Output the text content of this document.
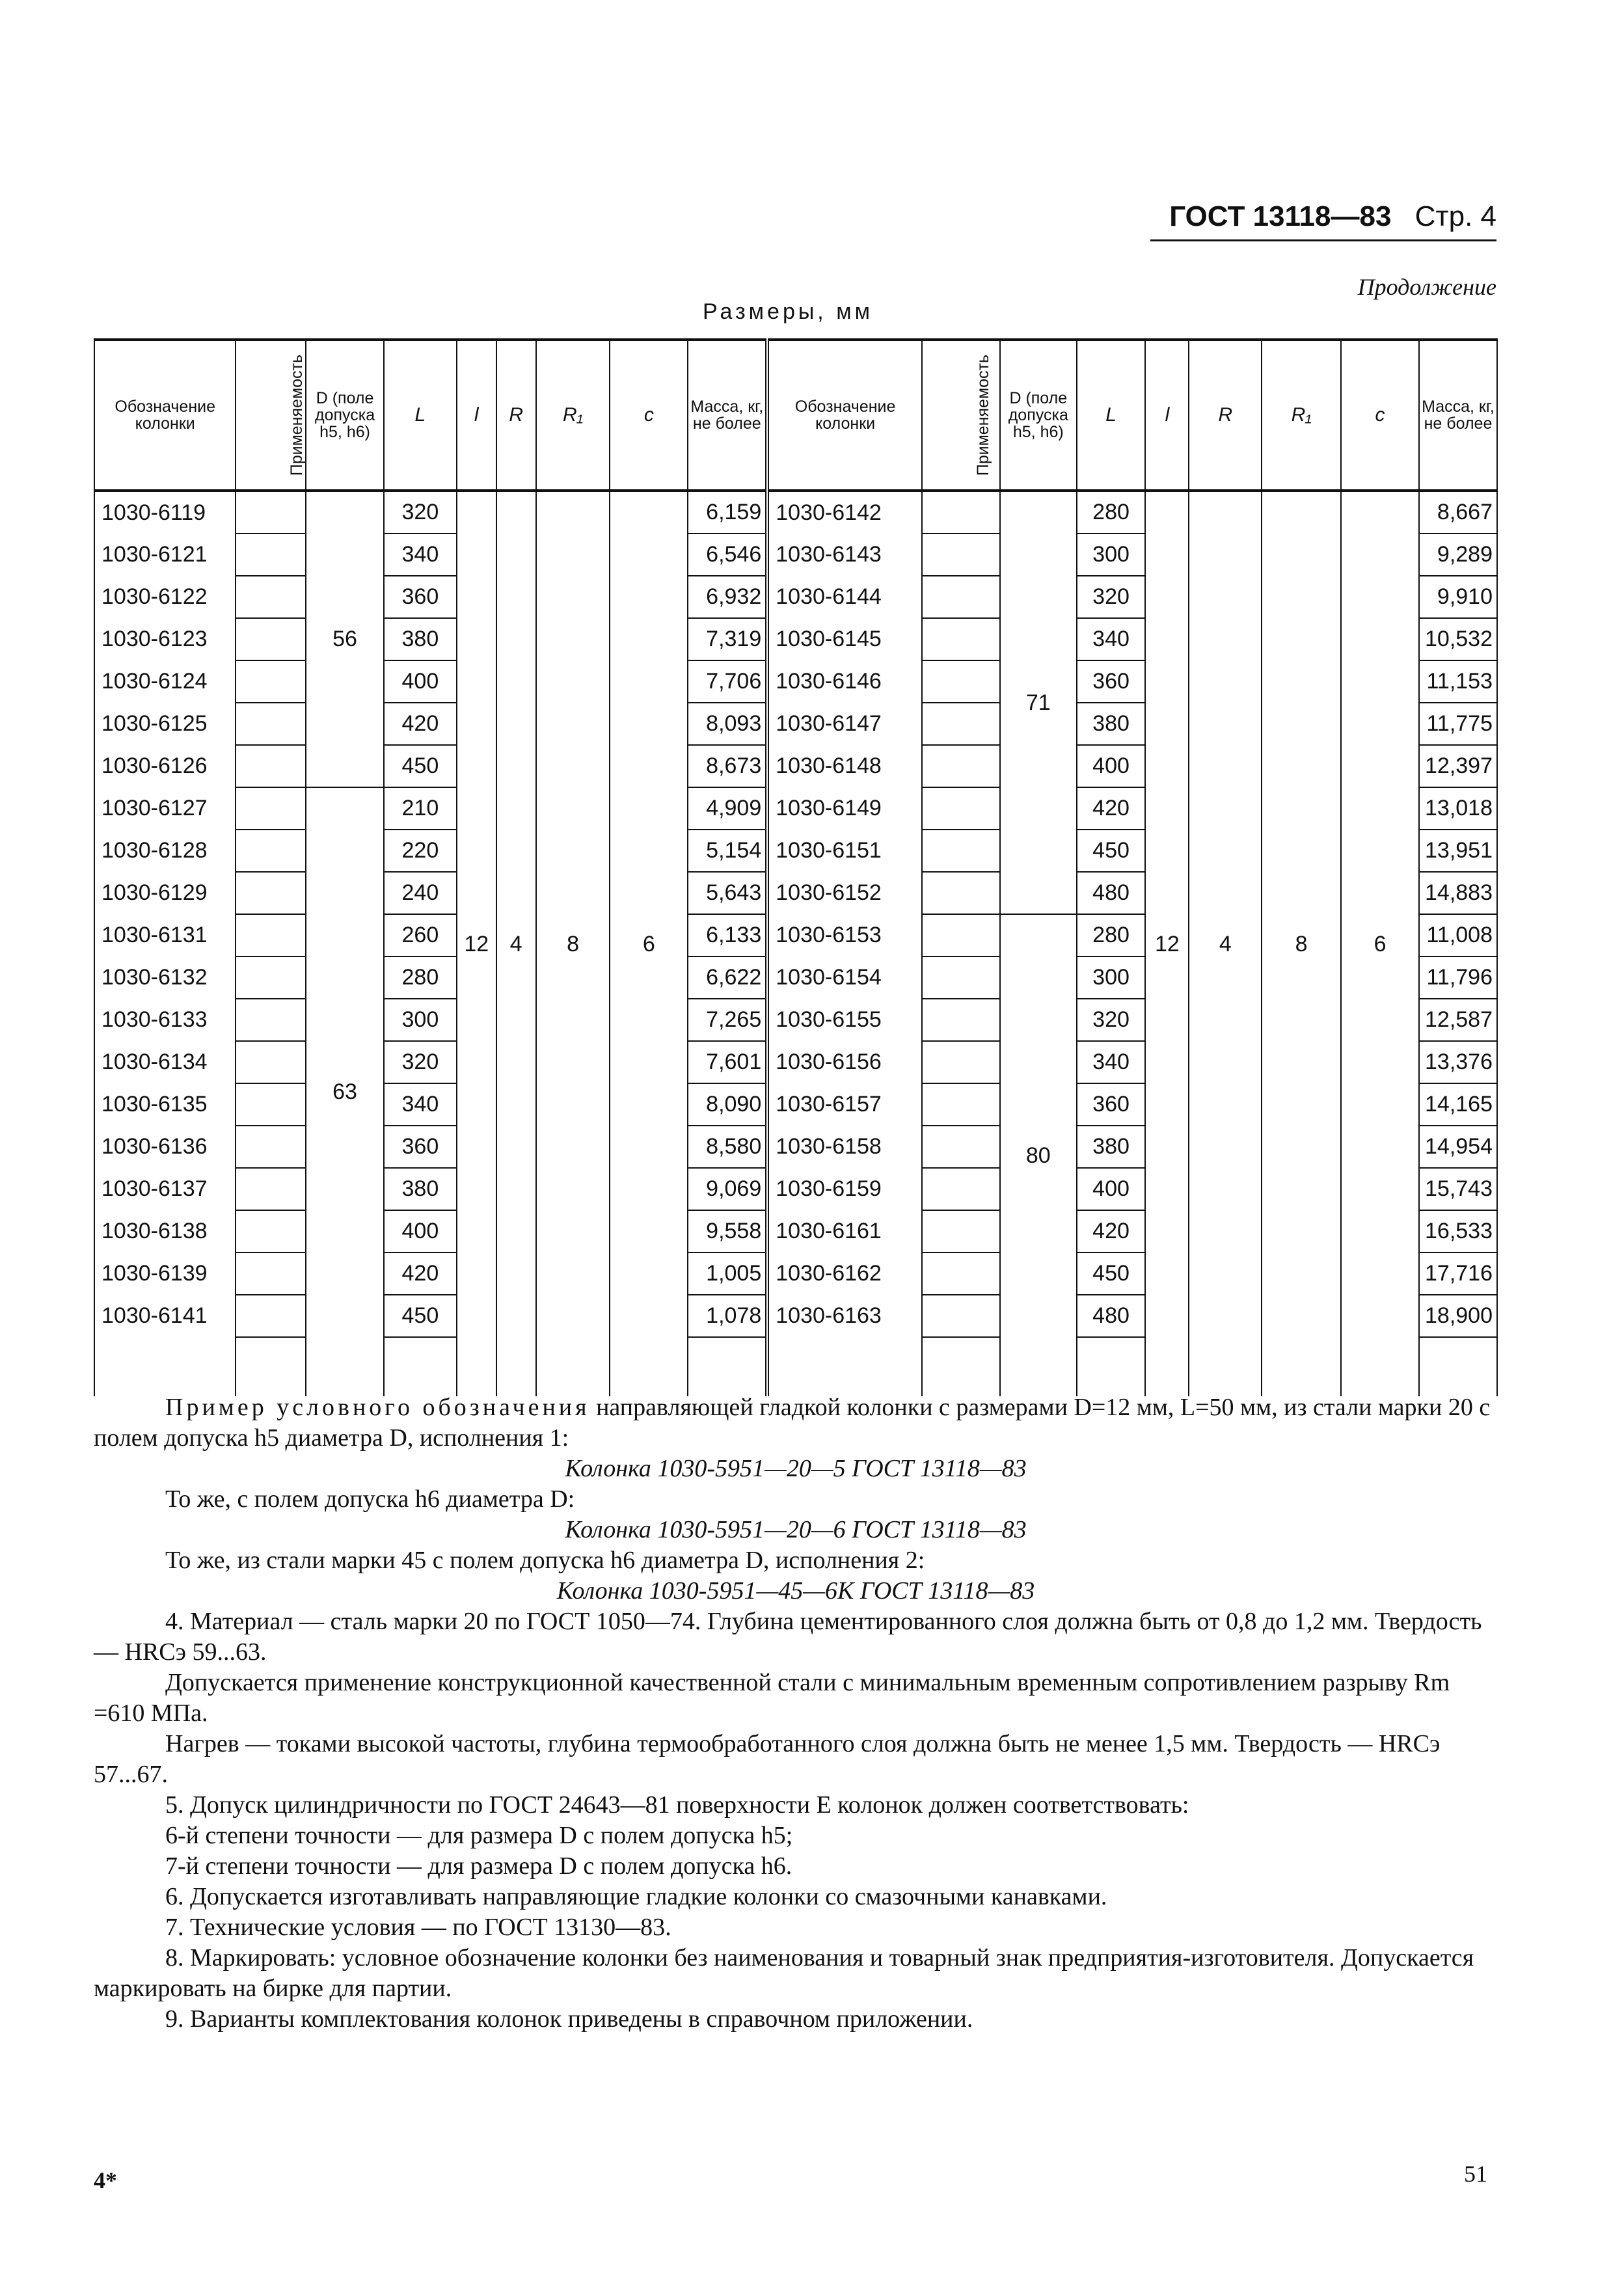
ГОСТ 13118—83 Стр. 4
Продолжение
Размеры, мм
Обозначение колонки	Применяемость	D (поле допуска h5, h6)	L	l	R	R₁	c	Масса, кг, не более	Обозначение колонки	Применяемость	D (поле допуска h5, h6)	L	l	R	R₁	c	Масса, кг, не более
1030-6119		56	320	12	4	8	6	6,159	1030-6142		71	280	12	4	8	6	8,667
1030-6121			340					6,546	1030-6143			300					9,289
1030-6122			360					6,932	1030-6144			320					9,910
1030-6123			380					7,319	1030-6145			340					10,532
1030-6124			400					7,706	1030-6146			360					11,153
1030-6125			420					8,093	1030-6147			380					11,775
1030-6126			450					8,673	1030-6148			400					12,397
1030-6127		63	210					4,909	1030-6149			420					13,018
1030-6128			220					5,154	1030-6151			450					13,951
1030-6129			240					5,643	1030-6152			480					14,883
1030-6131			260					6,133	1030-6153		80	280					11,008
1030-6132			280					6,622	1030-6154			300					11,796
1030-6133			300					7,265	1030-6155			320					12,587
1030-6134			320					7,601	1030-6156			340					13,376
1030-6135			340					8,090	1030-6157			360					14,165
1030-6136			360					8,580	1030-6158			380					14,954
1030-6137			380					9,069	1030-6159			400					15,743
1030-6138			400					9,558	1030-6161			420					16,533
1030-6139			420					1,005	1030-6162			450					17,716
1030-6141			450					1,078	1030-6163			480					18,900

Пример условного обозначения направляющей гладкой колонки с размерами D=12 мм, L=50 мм, из стали марки 20 с полем допуска h5 диаметра D, исполнения 1:

Колонка 1030-5951—20—5 ГОСТ 13118—83

То же, с полем допуска h6 диаметра D:

Колонка 1030-5951—20—6 ГОСТ 13118—83

То же, из стали марки 45 с полем допуска h6 диаметра D, исполнения 2:

Колонка 1030-5951—45—6К ГОСТ 13118—83

4. Материал — сталь марки 20 по ГОСТ 1050—74. Глубина цементированного слоя должна быть от 0,8 до 1,2 мм. Твердость — HRCэ 59...63.

Допускается применение конструкционной качественной стали с минимальным временным сопротивлением разрыву Rm =610 МПа.

Нагрев — токами высокой частоты, глубина термообработанного слоя должна быть не менее 1,5 мм. Твердость — HRCэ 57...67.

5. Допуск цилиндричности по ГОСТ 24643—81 поверхности Е колонок должен соответствовать:

6-й степени точности — для размера D с полем допуска h5;

7-й степени точности — для размера D с полем допуска h6.

6. Допускается изготавливать направляющие гладкие колонки со смазочными канавками.

7. Технические условия — по ГОСТ 13130—83.

8. Маркировать: условное обозначение колонки без наименования и товарный знак предприятия-изготовителя. Допускается маркировать на бирке для партии.

9. Варианты комплектования колонок приведены в справочном приложении.

4*	51
